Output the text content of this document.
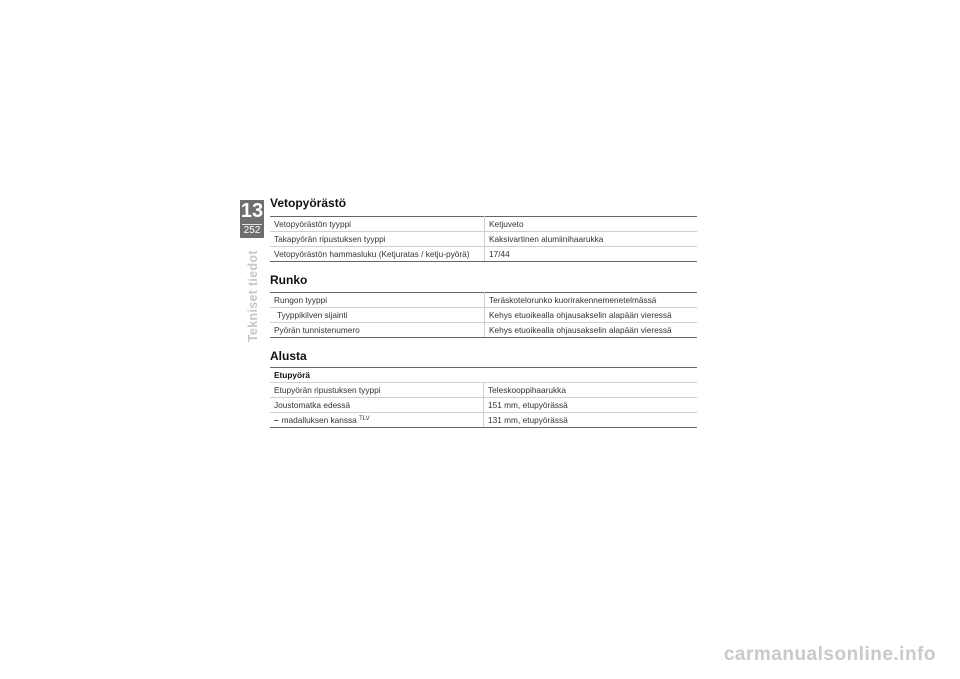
13
252
Tekniset tiedot
Vetopyörästö
Vetopyörästön tyyppi	Ketjuveto
Takapyörän ripustuksen tyyppi	Kaksivartinen alumiinihaarukka
Vetopyörästön hammasluku (Ketjuratas / ketju-pyörä)	17/44
Runko
Rungon tyyppi	Teräskotelorunko kuorirakennemenetelmässä
Tyyppikilven sijainti	Kehys etuoikealla ohjausakselin alapään vieressä
Pyörän tunnistenumero	Kehys etuoikealla ohjausakselin alapään vieressä
Alusta
Etupyörä	
Etupyörän ripustuksen tyyppi	Teleskooppihaarukka
Joustomatka edessä	151 mm, etupyörässä
– madalluksen kanssa $^{TLV}$	131 mm, etupyörässä
carmanualsonline.info
